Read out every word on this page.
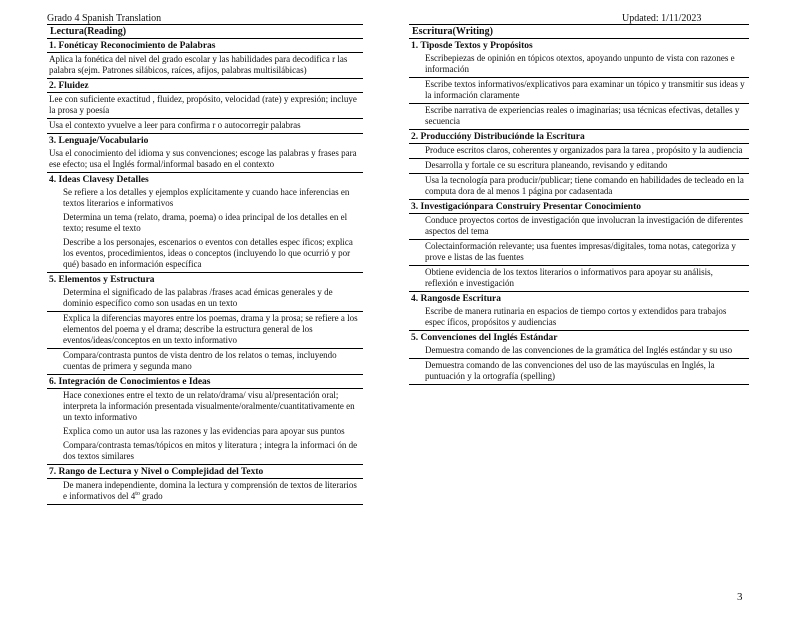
Grado 4 Spanish Translation	Updated: 1/11/2023
Lectura(Reading)
1. Fonéticay Reconocimiento de Palabras
Aplica la fonética del nivel del grado escolar y las habilidades para decodifica r las palabra s(ejm. Patrones silábicos, raíces, afijos, palabras multisilábicas)
2. Fluidez
Lee con suficiente exactitud , fluidez, propósito, velocidad (rate) y expresión; incluye la prosa y poesía
Usa el contexto yvuelve a leer para confirma r o autocorregir palabras
3. Lenguaje/Vocabulario
Usa el conocimiento del idioma y sus convenciones; escoge las palabras y frases para ese efecto; usa el Inglés formal/informal basado en el contexto
4. Ideas Clavesy Detalles
Se refiere a los detalles y ejemplos explícitamente y cuando hace inferencias en textos literarios e informativos
Determina un tema (relato, drama, poema) o idea principal de los detalles en el texto; resume el texto
Describe a los personajes, escenarios o eventos con detalles espec íficos; explica los eventos, procedimientos, ideas o conceptos (incluyendo lo que ocurrió y por qué) basado en información específica
5. Elementos y Estructura
Determina el significado de las palabras /frases acad émicas generales y de dominio específico como son usadas en un texto
Explica la diferencias mayores entre los poemas, drama y la prosa; se refiere a los elementos del poema y el drama; describe la estructura general de los eventos/ideas/conceptos en un texto informativo
Compara/contrasta puntos de vista dentro de los relatos o temas, incluyendo cuentas de primera y segunda mano
6. Integración de Conocimientos e Ideas
Hace conexiones entre el texto de un relato/drama/ visu al/presentación oral; interpreta la información presentada visualmente/oralmente/cuantitativamente en un texto informativo
Explica como un autor usa las razones y las evidencias para apoyar sus puntos
Compara/contrasta temas/tópicos en mitos y literatura ; integra la informaci ón de dos textos similares
7. Rango de Lectura y Nivel o Complejidad del Texto
De manera independiente, domina la lectura y comprensión de textos de literarios e informativos del $4^{to}$ grado
Escritura(Writing)
1. Tiposde Textos y Propósitos
Escribepiezas de opinión en tópicos otextos, apoyando unpunto de vista con razones e información
Escribe textos informativos/explicativos para examinar un tópico y transmitir sus ideas y la información claramente
Escribe narrativa de experiencias reales o imaginarias; usa técnicas efectivas, detalles y secuencia
2. Produccióny Distribuciónde la Escritura
Produce escritos claros, coherentes y organizados para la tarea , propósito y la audiencia
Desarrolla y fortale ce su escritura planeando, revisando y editando
Usa la tecnología para producir/publicar; tiene comando en habilidades de tecleado en la computa dora de al menos 1 página por cadasentada
3. Investigaciónpara Construiry Presentar Conocimiento
Conduce proyectos cortos de investigación que involucran la investigación de diferentes aspectos del tema
Colectainformación relevante; usa fuentes impresas/digitales, toma notas, categoriza y prove e listas de las fuentes
Obtiene evidencia de los textos literarios o informativos para apoyar su análisis, reflexión e investigación
4. Rangosde Escritura
Escribe de manera rutinaria en espacios de tiempo cortos y extendidos para trabajos espec íficos, propósitos y audiencias
5. Convenciones del Inglés Estándar
Demuestra comando de las convenciones de la gramática del Inglés estándar y su uso
Demuestra comando de las convenciones del uso de las mayúsculas en Inglés, la puntuación y la ortografía (spelling)
3
